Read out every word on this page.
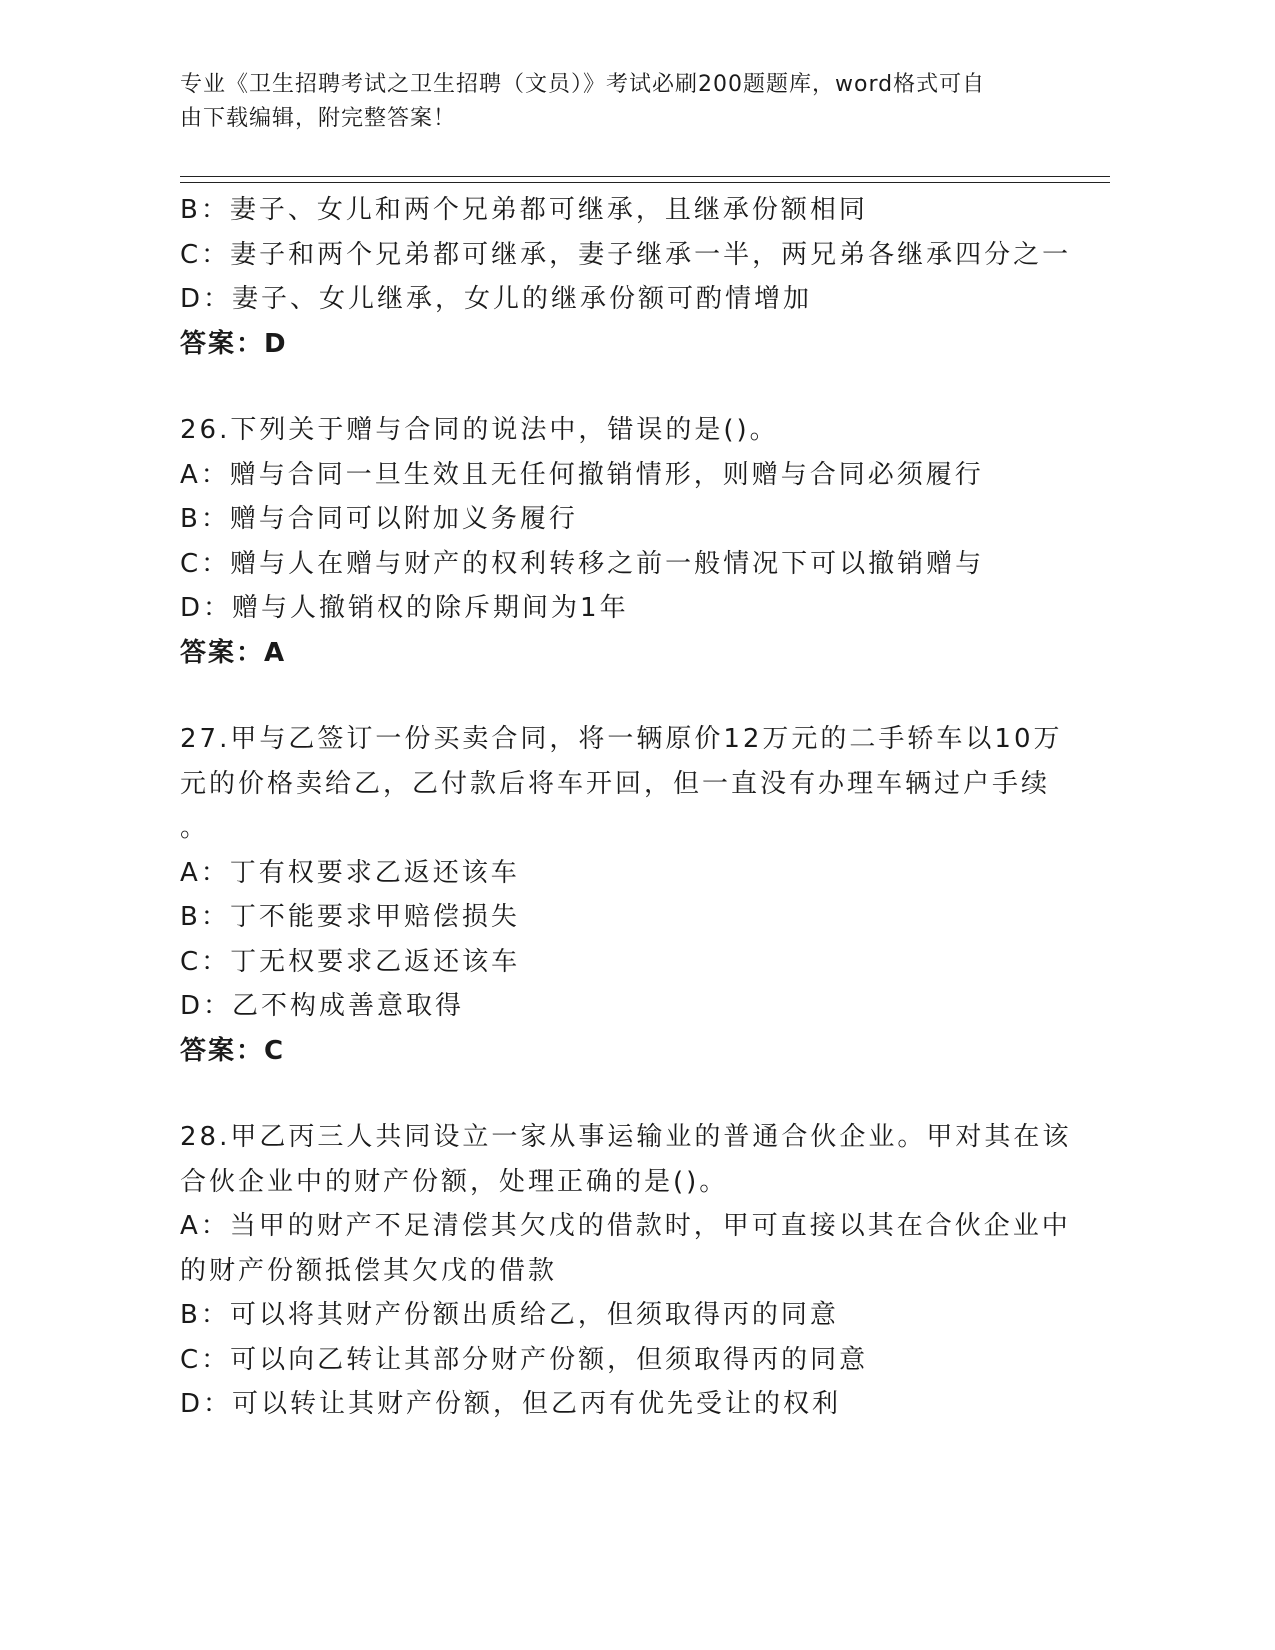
专业《卫生招聘考试之卫生招聘（文员）》考试必刷200题题库，word格式可自
由下载编辑，附完整答案！
B：妻子、女儿和两个兄弟都可继承，且继承份额相同
C：妻子和两个兄弟都可继承，妻子继承一半，两兄弟各继承四分之一
D：妻子、女儿继承，女儿的继承份额可酌情增加
答案：D
26.下列关于赠与合同的说法中，错误的是()。
A：赠与合同一旦生效且无任何撤销情形，则赠与合同必须履行
B：赠与合同可以附加义务履行
C：赠与人在赠与财产的权利转移之前一般情况下可以撤销赠与
D：赠与人撤销权的除斥期间为1年
答案：A
27.甲与乙签订一份买卖合同，将一辆原价12万元的二手轿车以10万
元的价格卖给乙，乙付款后将车开回，但一直没有办理车辆过户手续
。
A：丁有权要求乙返还该车
B：丁不能要求甲赔偿损失
C：丁无权要求乙返还该车
D：乙不构成善意取得
答案：C
28.甲乙丙三人共同设立一家从事运输业的普通合伙企业。甲对其在该
合伙企业中的财产份额，处理正确的是()。
A：当甲的财产不足清偿其欠戊的借款时，甲可直接以其在合伙企业中
的财产份额抵偿其欠戊的借款
B：可以将其财产份额出质给乙，但须取得丙的同意
C：可以向乙转让其部分财产份额，但须取得丙的同意
D：可以转让其财产份额，但乙丙有优先受让的权利
